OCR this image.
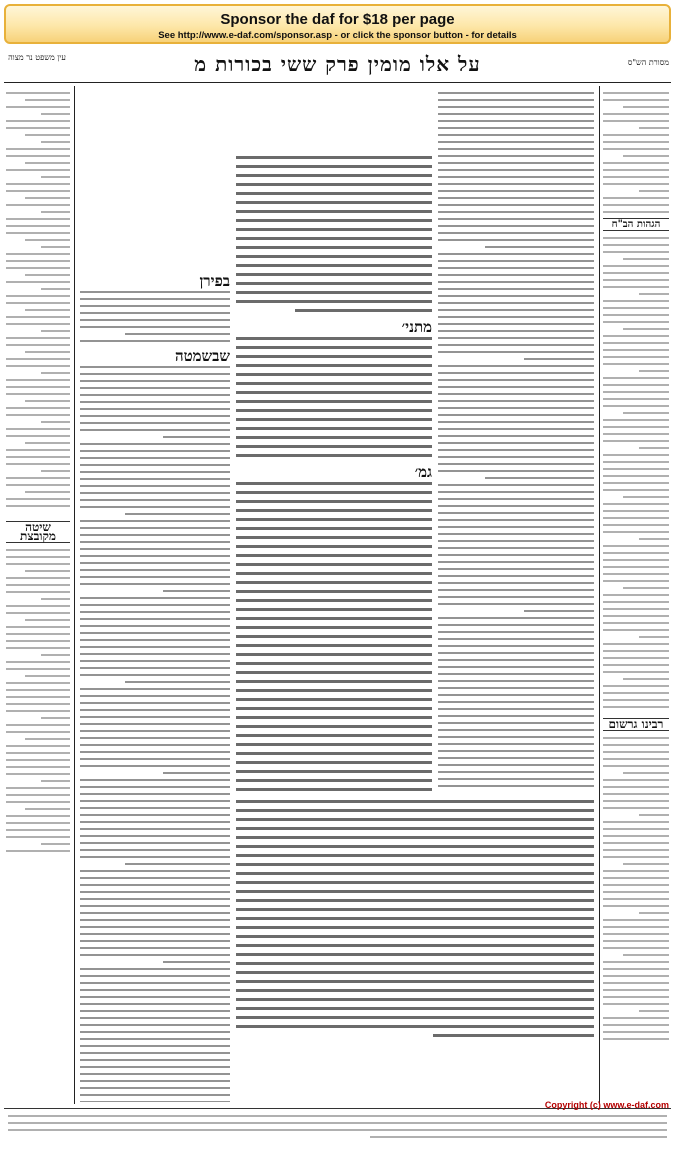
Sponsor the daf for $18 per page
See http://www.e-daf.com/sponsor.asp - or click the sponsor button - for details
עין משפט נר מצוה	על אלו מומין פרק ששי בכורות מ	מסורת הש"ס
שיטה מקובצת
בפירן
שבשמטה
מתני׳
גמ׳
הגהות הב"ח
רבינו גרשום
Copyright (c) www.e-daf.com
